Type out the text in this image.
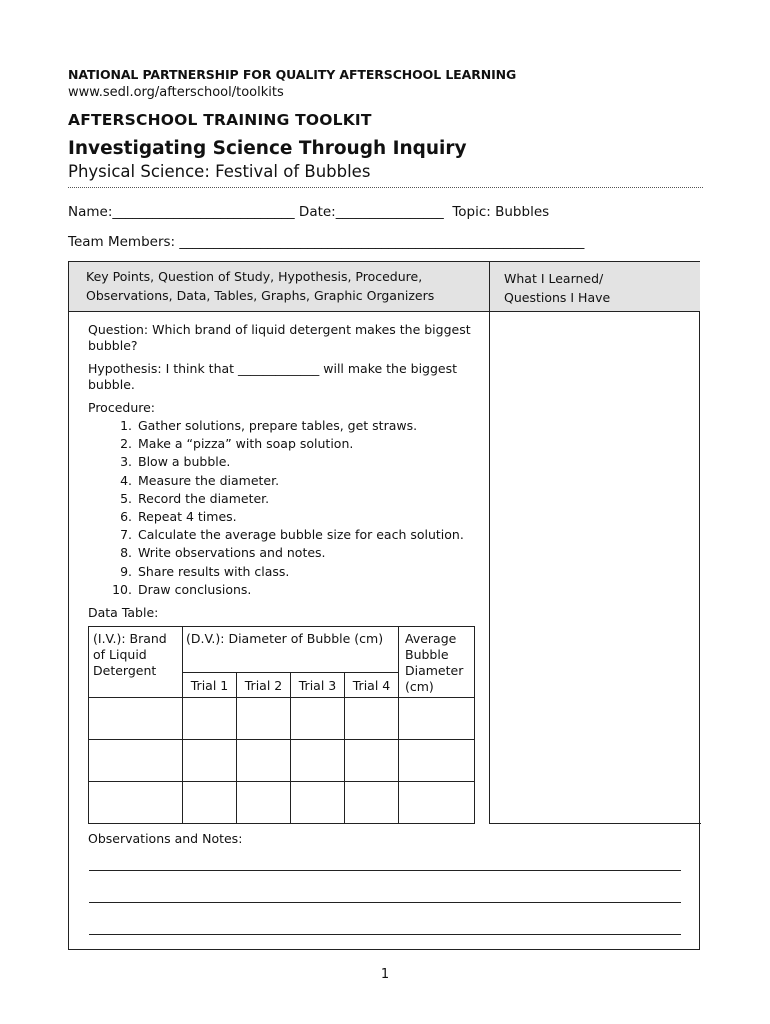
NATIONAL PARTNERSHIP FOR QUALITY AFTERSCHOOL LEARNING
www.sedl.org/afterschool/toolkits
AFTERSCHOOL TRAINING TOOLKIT
Investigating Science Through Inquiry
Physical Science: Festival of Bubbles
Name:___________________________ Date:________________  Topic: Bubbles
Team Members: ____________________________________________________________
Key Points, Question of Study, Hypothesis, Procedure,
Observations, Data, Tables, Graphs, Graphic Organizers
What I Learned/
Questions I Have
Question: Which brand of liquid detergent makes the biggest bubble?
Hypothesis: I think that _____________ will make the biggest bubble.
Procedure:
1. Gather solutions, prepare tables, get straws.
2. Make a “pizza” with soap solution.
3. Blow a bubble.
4. Measure the diameter.
5. Record the diameter.
6. Repeat 4 times.
7. Calculate the average bubble size for each solution.
8. Write observations and notes.
9. Share results with class.
10. Draw conclusions.
Data Table:
(I.V.): Brand of Liquid Detergent	(D.V.): Diameter of Bubble (cm)				Average Bubble Diameter (cm)
	Trial 1	Trial 2	Trial 3	Trial 4	

Observations and Notes:
1
